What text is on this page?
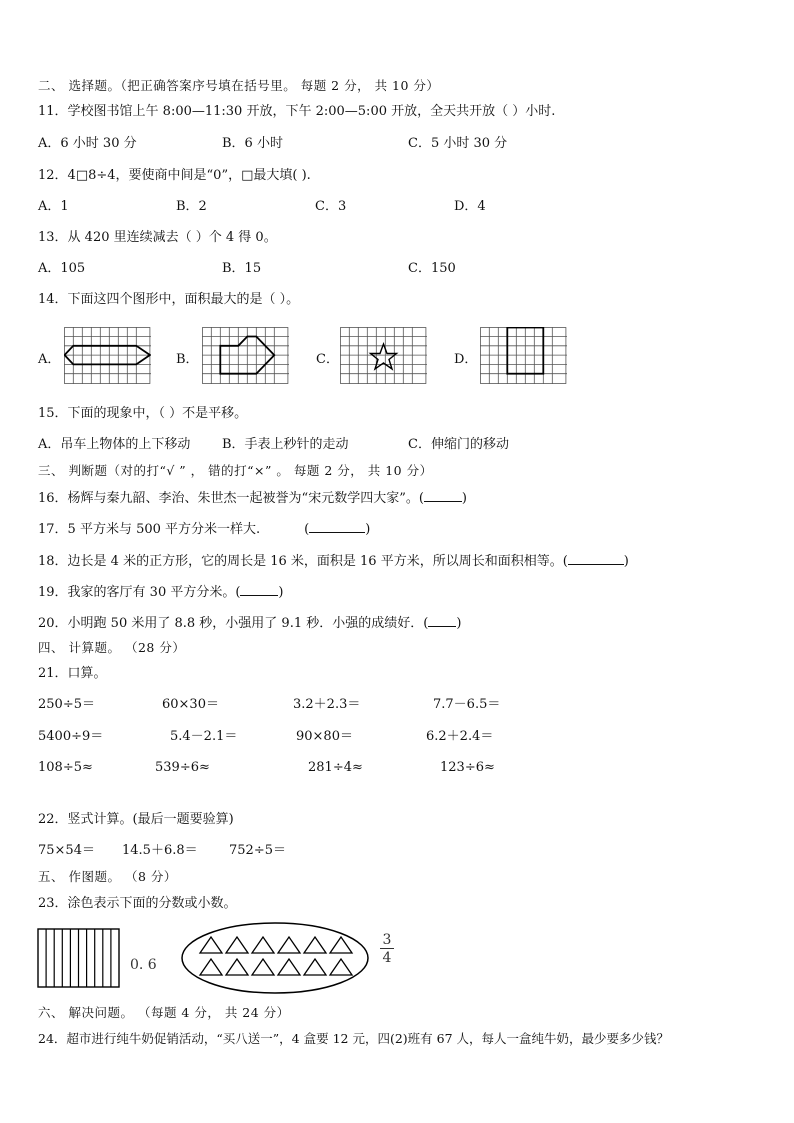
二、 选择题。（把正确答案序号填在括号里。 每题 2 分， 共 10 分）
11．学校图书馆上午 8:00—11:30 开放，下午 2:00—5:00 开放，全天共开放（ ）小时.
A．6 小时 30 分	B．6 小时	C．5 小时 30 分
12．4□8÷4，要使商中间是“0”，□最大填( ).
A．1	B．2	C．3	D．4
13．从 420 里连续减去（ ）个 4 得 0。
A．105	B．15	C．150
14．下面这四个图形中，面积最大的是（ ）。
A．	B．	C．	D．
15．下面的现象中，（ ）不是平移。
A．吊车上物体的上下移动 B．手表上秒针的走动	C．伸缩门的移动
三、 判断题（对的打“√ ” ， 错的打“×” 。 每题 2 分， 共 10 分）
16．杨辉与秦九韶、李治、朱世杰一起被誉为“宋元数学四大家”。(	)
17．5 平方米与 500 平方分米一样大.	(	)
18．边长是 4 米的正方形，它的周长是 16 米，面积是 16 平方米，所以周长和面积相等。(	)
19．我家的客厅有 30 平方分米。(	)
20．小明跑 50 米用了 8.8 秒，小强用了 9.1 秒．小强的成绩好．( )
四、 计算题。 （28 分）
21．口算。
250÷5＝	60×30＝	3.2＋2.3＝	7.7－6.5＝
5400÷9＝	5.4－2.1＝	90×80＝	6.2＋2.4＝
108÷5≈	539÷6≈	281÷4≈	123÷6≈
22．竖式计算。(最后一题要验算)
75×54＝ 14.5＋6.8＝ 752÷5＝
五、 作图题。 （8 分）
23．涂色表示下面的分数或小数。
0. 6	$\frac{3}{4}$
六、 解决问题。 （每题 4 分， 共 24 分）
24．超市进行纯牛奶促销活动，“买八送一”，4 盒要 12 元，四(2)班有 67 人，每人一盒纯牛奶，最少要多少钱？
